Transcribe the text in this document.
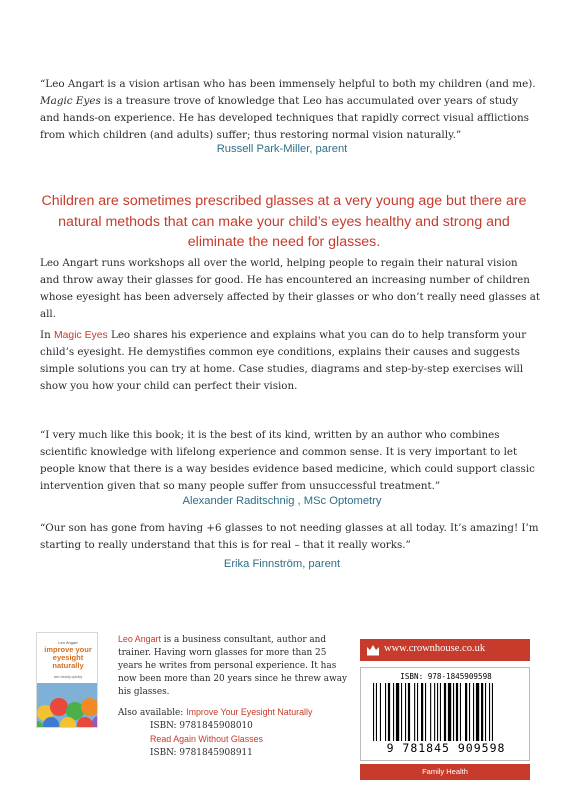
“Leo Angart is a vision artisan who has been immensely helpful to both my children (and me). Magic Eyes is a treasure trove of knowledge that Leo has accumulated over years of study and hands-on experience. He has developed techniques that rapidly correct visual afflictions from which children (and adults) suffer; thus restoring normal vision naturally.”
Russell Park-Miller, parent
Children are sometimes prescribed glasses at a very young age but there are natural methods that can make your child’s eyes healthy and strong and eliminate the need for glasses.
Leo Angart runs workshops all over the world, helping people to regain their natural vision and throw away their glasses for good. He has encountered an increasing number of children whose eyesight has been adversely affected by their glasses or who don’t really need glasses at all.
In Magic Eyes Leo shares his experience and explains what you can do to help transform your child’s eyesight. He demystifies common eye conditions, explains their causes and suggests simple solutions you can try at home. Case studies, diagrams and step-by-step exercises will show you how your child can perfect their vision.
“I very much like this book; it is the best of its kind, written by an author who combines scientific knowledge with lifelong experience and common sense. It is very important to let people know that there is a way besides evidence based medicine, which could support classic intervention given that so many people suffer from unsuccessful treatment.”
Alexander Raditschnig , MSc Optometry
“Our son has gone from having +6 glasses to not needing glasses at all today. It’s amazing! I’m starting to really understand that this is for real – that it really works.”
Erika Finnström, parent
Leo Angart
improve your eyesight naturally
see clearly quickly
Leo Angart is a business consultant, author and trainer. Having worn glasses for more than 25 years he writes from personal experience. It has now been more than 20 years since he threw away his glasses.
Also available: Improve Your Eyesight Naturally
ISBN: 9781845908010
Read Again Without Glasses
ISBN: 9781845908911
www.crownhouse.co.uk
ISBN: 978-1845909598
9 781845 909598
Family Health
